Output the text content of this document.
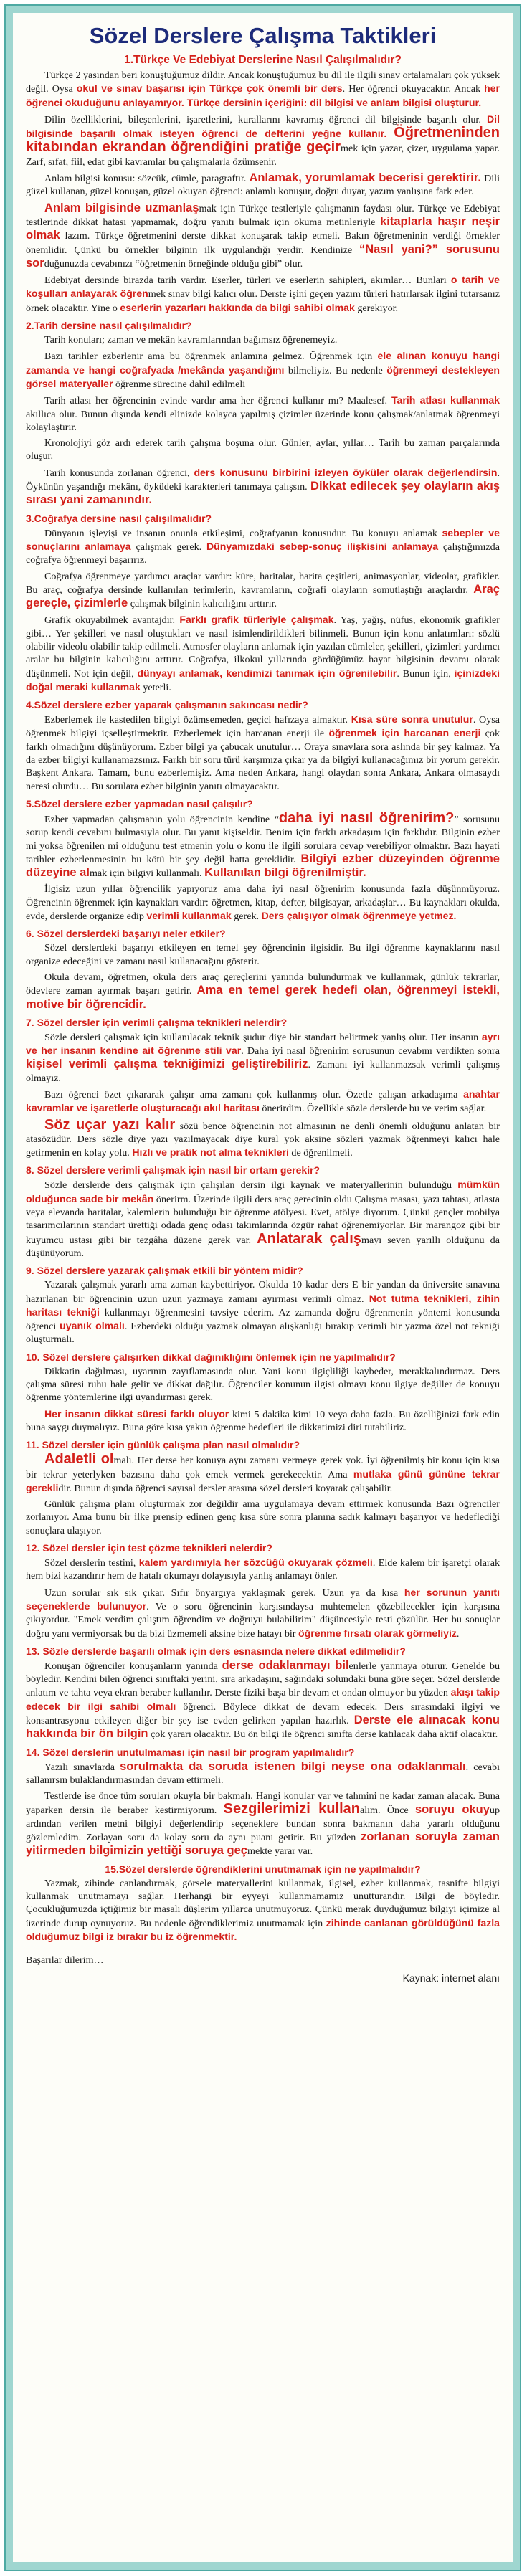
Sözel Derslere Çalışma Taktikleri
1.Türkçe Ve Edebiyat Derslerine Nasıl Çalışılmalıdır?

Türkçe 2 yasından beri konuştuğumuz dildir. Ancak konuştuğumuz bu dil ile ilgili sınav ortalamaları çok yüksek değil. Oysa okul ve sınav başarısı için Türkçe çok önemli bir ders. Her öğrenci okuyacaktır. Ancak her öğrenci okuduğunu anlayamıyor. Türkçe dersinin içeriğini: dil bilgisi ve anlam bilgisi oluşturur.

Dilin özelliklerini, bileşenlerini, işaretlerini, kurallarını kavramış öğrenci dil bilgisinde başarılı olur. Dil bilgisinde başarılı olmak isteyen öğrenci de defterini yeğne kullanır. Öğretmeninden kitabından ekrandan öğrendiğini pratiğe geçirmek için yazar, çizer, uygulama yapar. Zarf, sıfat, fiil, edat gibi kavramlar bu çalışmalarla özümsenir.

Anlam bilgisi konusu: sözcük, cümle, paragraftır. Anlamak, yorumlamak becerisi gerektirir. Dili güzel kullanan, güzel konuşan, güzel okuyan öğrenci: anlamlı konuşur, doğru duyar, yazım yanlışına fark eder.

Anlam bilgisinde uzmanlaşmak için Türkçe testleriyle çalışmanın faydası olur. Türkçe ve Edebiyat testlerinde dikkat hatası yapmamak, doğru yanıtı bulmak için okuma metinleriyle kitaplarla haşır neşir olmak lazım. Türkçe öğretmenini derste dikkat konuşarak takip etmeli. Bakın öğretmeninin verdiği örnekler önemlidir. Çünkü bu örnekler bilginin ilk uygulandığı yerdir. Kendinize “Nasıl yani?” sorusunu sorduğunuzda cevabınızı “öğretmenin örneğinde olduğu gibi” olur.

Edebiyat dersinde birazda tarih vardır. Eserler, türleri ve eserlerin sahipleri, akımlar… Bunları o tarih ve koşulları anlayarak öğrenmek sınav bilgi kalıcı olur. Derste işini geçen yazım türleri hatırlarsak ilgini tutarsanız örnek olacaktır. Yine o eserlerin yazarları hakkında da bilgi sahibi olmak gerekiyor.

2.Tarih dersine nasıl çalışılmalıdır?

Tarih konuları; zaman ve mekân kavramlarından bağımsız öğrenemeyiz.

Bazı tarihler ezberlenir ama bu öğrenmek anlamına gelmez. Öğrenmek için ele alınan konuyu hangi zamanda ve hangi coğrafyada /mekânda yaşandığını bilmeliyiz. Bu nedenle öğrenmeyi destekleyen görsel materyaller öğrenme sürecine dahil edilmeli

Tarih atlası her öğrencinin evinde vardır ama her öğrenci kullanır mı? Maalesef. Tarih atlası kullanmak akıllıca olur. Bunun dışında kendi elinizde kolayca yapılmış çizimler üzerinde konu çalışmak/anlatmak öğrenmeyi kolaylaştırır.

Kronolojiyi göz ardı ederek tarih çalışma boşuna olur. Günler, aylar, yıllar… Tarih bu zaman parçalarında oluşur.

Tarih konusunda zorlanan öğrenci, ders konusunu birbirini izleyen öyküler olarak değerlendirsin. Öykünün yaşandığı mekânı, öyküdeki karakterleri tanımaya çalışsın. Dikkat edilecek şey olayların akış sırası yani zamanındır.

3.Coğrafya dersine nasıl çalışılmalıdır?

Dünyanın işleyişi ve insanın onunla etkileşimi, coğrafyanın konusudur. Bu konuyu anlamak sebepler ve sonuçlarını anlamaya çalışmak gerek. Dünyamızdaki sebep-sonuç ilişkisini anlamaya çalıştığımızda coğrafya öğrenmeyi başarırız.

Coğrafya öğrenmeye yardımcı araçlar vardır: küre, haritalar, harita çeşitleri, animasyonlar, videolar, grafikler. Bu araç, coğrafya dersinde kullanılan terimlerin, kavramların, coğrafi olayların somutlaştığı araçlardır. Araç gereçle, çizimlerle çalışmak bilginin kalıcılığını arttırır.

Grafik okuyabilmek avantajdır. Farklı grafik türleriyle çalışmak. Yaş, yağış, nüfus, ekonomik grafikler gibi… Yer şekilleri ve nasıl oluştukları ve nasıl isimlendirildikleri bilinmeli. Bunun için konu anlatımları: sözlü olabilir videolu olabilir takip edilmeli. Atmosfer olayların anlamak için yazılan cümleler, şekilleri, çizimleri yardımcı aralar bu bilginin kalıcılığını arttırır. Coğrafya, ilkokul yıllarında gördüğümüz hayat bilgisinin devamı olarak düşünmeli. Not için değil, dünyayı anlamak, kendimizi tanımak için öğrenilebilir. Bunun için, içinizdeki doğal meraki kullanmak yeterli.

4.Sözel derslere ezber yaparak çalışmanın sakıncası nedir?

Ezberlemek ile kastedilen bilgiyi özümsemeden, geçici hafızaya almaktır. Kısa süre sonra unutulur. Oysa öğrenmek bilgiyi içselleştirmektir. Ezberlemek için harcanan enerji ile öğrenmek için harcanan enerji çok farklı olmadığını düşünüyorum. Ezber bilgi ya çabucak unutulur… Oraya sınavlara sora aslında bir şey kalmaz. Ya da ezber bilgiyi kullanamazsınız. Farklı bir soru türü karşımıza çıkar ya da bilgiyi kullanacağımız bir yorum gerekir. Başkent Ankara. Tamam, bunu ezberlemişiz. Ama neden Ankara, hangi olaydan sonra Ankara, Ankara olmasaydı neresi olurdu… Bu sorulara ezber bilginin yanıtı olmayacaktır.

5.Sözel derslere ezber yapmadan nasıl çalışılır?

Ezber yapmadan çalışmanın yolu öğrencinin kendine “daha iyi nasıl öğrenirim?” sorusunu sorup kendi cevabını bulmasıyla olur. Bu yanıt kişiseldir. Benim için farklı arkadaşım için farklıdır. Bilginin ezber mi yoksa öğrenilen mi olduğunu test etmenin yolu o konu ile ilgili sorulara cevap verebiliyor olmaktır. Bazı hayati tarihler ezberlenmesinin bu kötü bir şey değil hatta gereklidir. Bilgiyi ezber düzeyinden öğrenme düzeyine almak için bilgiyi kullanmalı. Kullanılan bilgi öğrenilmiştir.

İlgisiz uzun yıllar öğrencilik yapıyoruz ama daha iyi nasıl öğrenirim konusunda fazla düşünmüyoruz. Öğrencinin öğrenmek için kaynakları vardır: öğretmen, kitap, defter, bilgisayar, arkadaşlar… Bu kaynakları okulda, evde, derslerde organize edip verimli kullanmak gerek. Ders çalışıyor olmak öğrenmeye yetmez.

6. Sözel derslerdeki başarıyı neler etkiler?

Sözel derslerdeki başarıyı etkileyen en temel şey öğrencinin ilgisidir. Bu ilgi öğrenme kaynaklarını nasıl organize edeceğini ve zamanı nasıl kullanacağını gösterir.

Okula devam, öğretmen, okula ders araç gereçlerini yanında bulundurmak ve kullanmak, günlük tekrarlar, ödevlere zaman ayırmak başarı getirir. Ama en temel gerek hedefi olan, öğrenmeyi istekli, motive bir öğrencidir.

7. Sözel dersler için verimli çalışma teknikleri nelerdir?

Sözle dersleri çalışmak için kullanılacak teknik şudur diye bir standart belirtmek yanlış olur. Her insanın ayrı ve her insanın kendine ait öğrenme stili var. Daha iyi nasıl öğrenirim sorusunun cevabını verdikten sonra kişisel verimli çalışma tekniğimizi geliştirebiliriz. Zamanı iyi kullanmazsak verimli çalışmış olmayız.

Bazı öğrenci özet çıkararak çalışır ama zamanı çok kullanmış olur. Özetle çalışan arkadaşıma anahtar kavramlar ve işaretlerle oluşturacağı akıl haritası önerirdim. Özellikle sözle derslerde bu ve verim sağlar.

Söz uçar yazı kalır sözü bence öğrencinin not almasının ne denli önemli olduğunu anlatan bir atasözüdür. Ders sözle diye yazı yazılmayacak diye kural yok aksine sözleri yazmak öğrenmeyi kalıcı hale getirmenin en kolay yolu. Hızlı ve pratik not alma teknikleri de öğrenilmeli.

8. Sözel derslere verimli çalışmak için nasıl bir ortam gerekir?

Sözle derslerde ders çalışmak için çalışılan dersin ilgi kaynak ve materyallerinin bulunduğu mümkün olduğunca sade bir mekân önerirm. Üzerinde ilgili ders araç gerecinin oldu Çalışma masası, yazı tahtası, atlasta veya elevanda haritalar, kalemlerin bulunduğu bir öğrenme atölyesi. Evet, atölye diyorum. Çünkü gençler mobilya tasarımcılarının standart ürettiği odada genç odası takımlarında özgür rahat öğrenemiyorlar. Bir marangoz gibi bir kuyumcu ustası gibi bir tezgâha düzene gerek var. Anlatarak çalışmayı seven yarıllı olduğunu da düşünüyorum.

9. Sözel derslere yazarak çalışmak etkili bir yöntem midir?

Yazarak çalışmak yararlı ama zaman kaybettiriyor. Okulda 10 kadar ders E bir yandan da üniversite sınavına hazırlanan bir öğrencinin uzun uzun yazmaya zamanı ayırması verimli olmaz. Not tutma teknikleri, zihin haritası tekniği kullanmayı öğrenmesini tavsiye ederim. Az zamanda doğru öğrenmenin yöntemi konusunda öğrenci uyanık olmalı. Ezberdeki olduğu yazmak olmayan alışkanlığı bırakıp verimli bir yazma özel not tekniği oluşturmalı.

10. Sözel derslere çalışırken dikkat dağınıklığını önlemek için ne yapılmalıdır?

Dikkatin dağılması, uyarının zayıflamasında olur. Yani konu ilgiçliliği kaybeder, merakkalındırmaz. Ders çalışma süresi ruhu hale gelir ve dikkat dağılır. Öğrenciler konunun ilgisi olmayı konu ilgiye değiller de konuyu öğrenme yöntemlerine ilgi uyandırması gerek.

Her insanın dikkat süresi farklı oluyor kimi 5 dakika kimi 10 veya daha fazla. Bu özelliğinizi fark edin buna saygı duymalıyız. Buna göre kısa yakın öğrenme hedefleri ile dikkatimizi diri tutabiliriz.

11. Sözel dersler için günlük çalışma plan nasıl olmalıdır?

Adaletli olmalı. Her derse her konuya aynı zamanı vermeye gerek yok. İyi öğrenilmiş bir konu için kısa bir tekrar yeterlyken bazısına daha çok emek vermek gerekecektir. Ama mutlaka günü gününe tekrar gereklidir. Bunun dışında öğrenci sayısal dersler arasına sözel dersleri koyarak çalışabilir.

Günlük çalışma planı oluşturmak zor değildir ama uygulamaya devam ettirmek konusunda Bazı öğrenciler zorlanıyor. Ama bunu bir ilke prensip edinen genç kısa süre sonra planına sadık kalmayı başarıyor ve hedeflediği sonuçlara ulaşıyor.

12. Sözel dersler için test çözme teknikleri nelerdir?

Sözel derslerin testini, kalem yardımıyla her sözcüğü okuyarak çözmeli. Elde kalem bir işaretçi olarak hem bizi kazandırır hem de hatalı okumayı dolayısıyla yanlış anlamayı önler.

Uzun sorular sık sık çıkar. Sıfır önyargıya yaklaşmak gerek. Uzun ya da kısa her sorunun yanıtı seçeneklerde bulunuyor. Ve o soru öğrencinin karşısındaysa muhtemelen çözebilecekler için karşısına çıkıyordur. "Emek verdim çalıştım öğrendim ve doğruyu bulabilirim" düşüncesiyle testi çözülür. Her bu sonuçlar doğru yanı vermiyorsak bu da bizi üzmemeli aksine bize hatayı bir öğrenme fırsatı olarak görmeliyiz.

13. Sözle derslerde başarılı olmak için ders esnasında nelere dikkat edilmelidir?

Konuşan öğrenciler konuşanların yanında derse odaklanmayı bilenlerle yanmaya oturur. Genelde bu böyledir. Kendini bilen öğrenci sınıftaki yerini, sıra arkadaşını, sağındaki solundaki buna göre seçer. Sözel derslerde anlatım ve tahta veya ekran beraber kullanılır. Derste fiziki başa bir devam et ondan olmuyor bu yüzden akışı takip edecek bir ilgi sahibi olmalı öğrenci. Böylece dikkat de devam edecek. Ders sırasındaki ilgiyi ve konsantrasyonu etkileyen diğer bir şey ise evden gelirken yapılan hazırlık. Derste ele alınacak konu hakkında bir ön bilgin çok yararı olacaktır. Bu ön bilgi ile öğrenci sınıfta derse katılacak daha aktif olacaktır.

14. Sözel derslerin unutulmaması için nasıl bir program yapılmalıdır?

Yazılı sınavlarda sorulmakta da soruda istenen bilgi neyse ona odaklanmalı. cevabı sallanırsın bulaklandırmasından devam ettirmeli.

Testlerde ise önce tüm soruları okuyla bir bakmalı. Hangi konular var ve tahmini ne kadar zaman alacak. Buna yaparken dersin ile beraber kestirmiyorum. Sezgilerimizi kullanalım. Önce soruyu okuyup ardından verilen metni bilgiyi değerlendirip seçeneklere bundan sonra bakmanın daha yararlı olduğunu gözlemledim. Zorlayan soru da kolay soru da aynı puanı getirir. Bu yüzden zorlanan soruyla zaman yitirmeden bilgimizin yettiği soruya geçmekte yarar var.

15.Sözel derslerde öğrendiklerini unutmamak için ne yapılmalıdır?

Yazmak, zihinde canlandırmak, görsele materyallerini kullanmak, ilgisel, ezber kullanmak, tasnifte bilgiyi kullanmak unutmamayı sağlar. Herhangi bir eyyeyi kullanmamamız unutturandır. Bilgi de böyledir. Çocukluğumuzda içtiğimiz bir masalı düşlerim yıllarca unutmuyoruz. Çünkü merak duyduğumuz bilgiyi içimize al üzerinde durup oynuyoruz. Bu nedenle öğrendiklerimiz unutmamak için zihinde canlanan görüldüğünü fazla olduğumuz bilgi iz bırakır bu iz öğrenmektir.

Başarılar dilerim…
Kaynak: internet alanı
